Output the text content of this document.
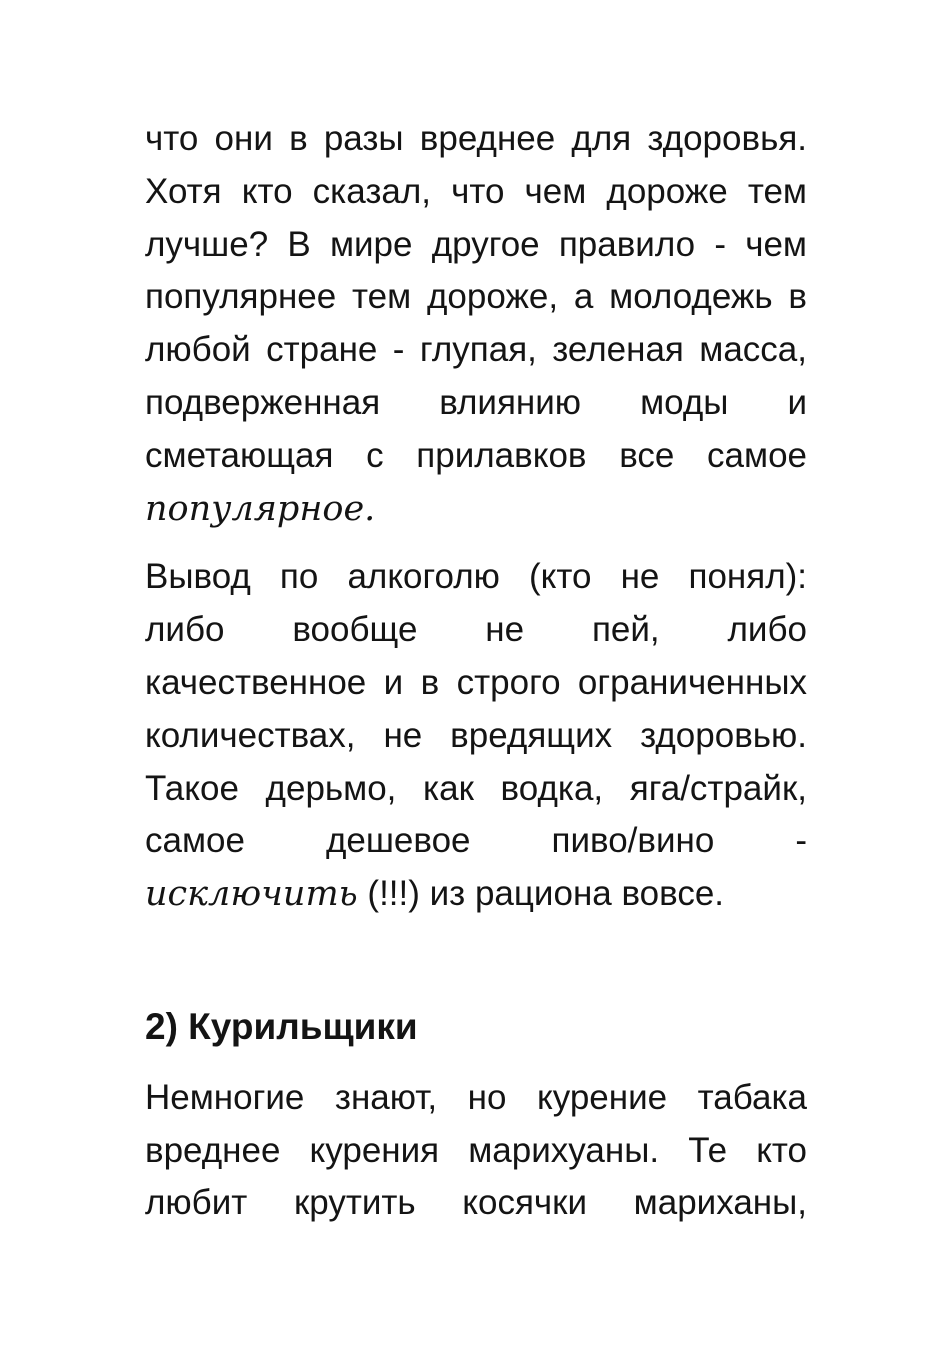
что они в разы вреднее для здоровья.
Хотя кто сказал, что чем дороже тем
лучше? В мире другое правило - чем
популярнее тем дороже, а молодежь в
любой стране - глупая, зеленая масса,
подверженная влиянию моды и
сметающая с прилавков все самое
популярное.
Вывод по алкоголю (кто не понял):
либо вообще не пей, либо
качественное и в строго ограниченных
количествах, не вредящих здоровью.
Такое дерьмо, как водка, яга/страйк,
самое дешевое пиво/вино -
исключить (!!!) из рациона вовсе.
2) Курильщики
Немногие знают, но курение табака
вреднее курения марихуаны. Те кто
любит крутить косячки мариханы,
